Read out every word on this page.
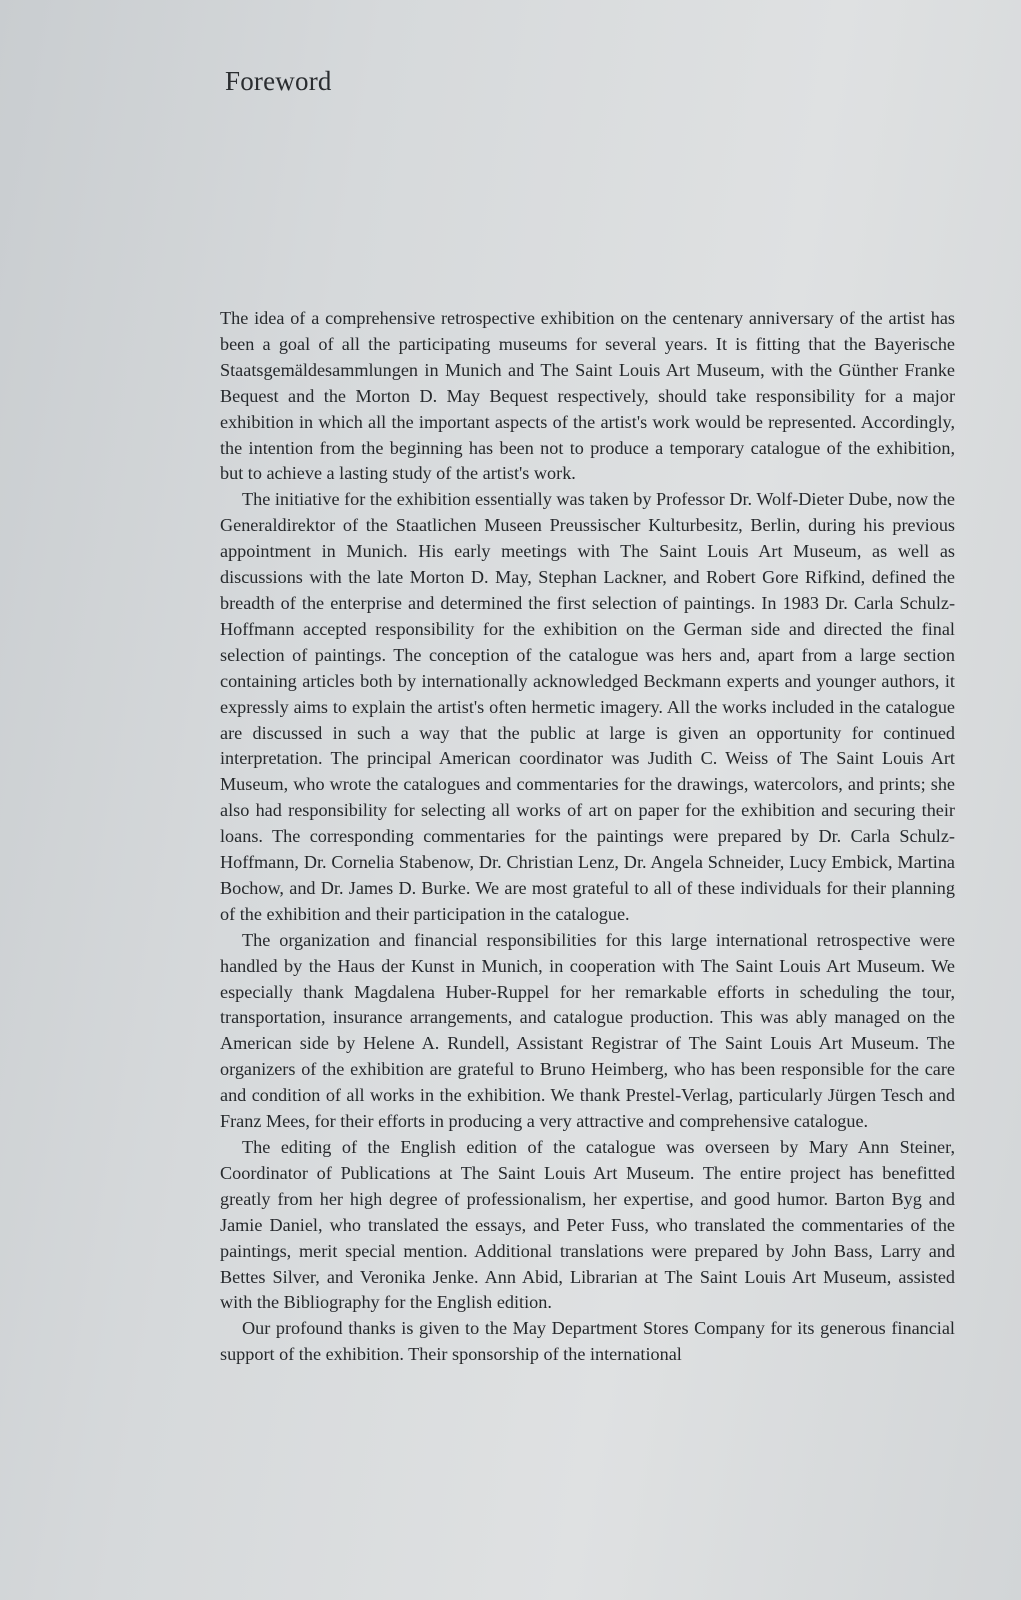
Foreword

The idea of a comprehensive retrospective exhibition on the centenary anniversary of the artist has been a goal of all the participating museums for several years. It is fitting that the Bayerische Staatsgemäldesammlungen in Munich and The Saint Louis Art Museum, with the Günther Franke Bequest and the Morton D. May Bequest respectively, should take responsibility for a major exhibition in which all the important aspects of the artist's work would be represented. Accordingly, the intention from the beginning has been not to produce a temporary catalogue of the exhibition, but to achieve a lasting study of the artist's work.

The initiative for the exhibition essentially was taken by Professor Dr. Wolf-Dieter Dube, now the Generaldirektor of the Staatlichen Museen Preussischer Kulturbesitz, Berlin, during his previous appointment in Munich. His early meetings with The Saint Louis Art Museum, as well as discussions with the late Morton D. May, Stephan Lackner, and Robert Gore Rifkind, defined the breadth of the enterprise and determined the first selection of paintings. In 1983 Dr. Carla Schulz-Hoffmann accepted responsibility for the exhibition on the German side and directed the final selection of paintings. The conception of the catalogue was hers and, apart from a large section containing articles both by internationally acknowledged Beckmann experts and younger authors, it expressly aims to explain the artist's often hermetic imagery. All the works included in the catalogue are discussed in such a way that the public at large is given an opportunity for continued interpretation. The principal American coordinator was Judith C. Weiss of The Saint Louis Art Museum, who wrote the catalogues and commentaries for the drawings, watercolors, and prints; she also had responsibility for selecting all works of art on paper for the exhibition and securing their loans. The corresponding commentaries for the paintings were prepared by Dr. Carla Schulz-Hoffmann, Dr. Cornelia Stabenow, Dr. Christian Lenz, Dr. Angela Schneider, Lucy Embick, Martina Bochow, and Dr. James D. Burke. We are most grateful to all of these individuals for their planning of the exhibition and their participation in the catalogue.

The organization and financial responsibilities for this large international retrospective were handled by the Haus der Kunst in Munich, in cooperation with The Saint Louis Art Museum. We especially thank Magdalena Huber-Ruppel for her remarkable efforts in scheduling the tour, transportation, insurance arrangements, and catalogue production. This was ably managed on the American side by Helene A. Rundell, Assistant Registrar of The Saint Louis Art Museum. The organizers of the exhibition are grateful to Bruno Heimberg, who has been responsible for the care and condition of all works in the exhibition. We thank Prestel-Verlag, particularly Jürgen Tesch and Franz Mees, for their efforts in producing a very attractive and comprehensive catalogue.

The editing of the English edition of the catalogue was overseen by Mary Ann Steiner, Coordinator of Publications at The Saint Louis Art Museum. The entire project has benefitted greatly from her high degree of professionalism, her expertise, and good humor. Barton Byg and Jamie Daniel, who translated the essays, and Peter Fuss, who translated the commentaries of the paintings, merit special mention. Additional translations were prepared by John Bass, Larry and Bettes Silver, and Veronika Jenke. Ann Abid, Librarian at The Saint Louis Art Museum, assisted with the Bibliography for the English edition.

Our profound thanks is given to the May Department Stores Company for its generous financial support of the exhibition. Their sponsorship of the international
